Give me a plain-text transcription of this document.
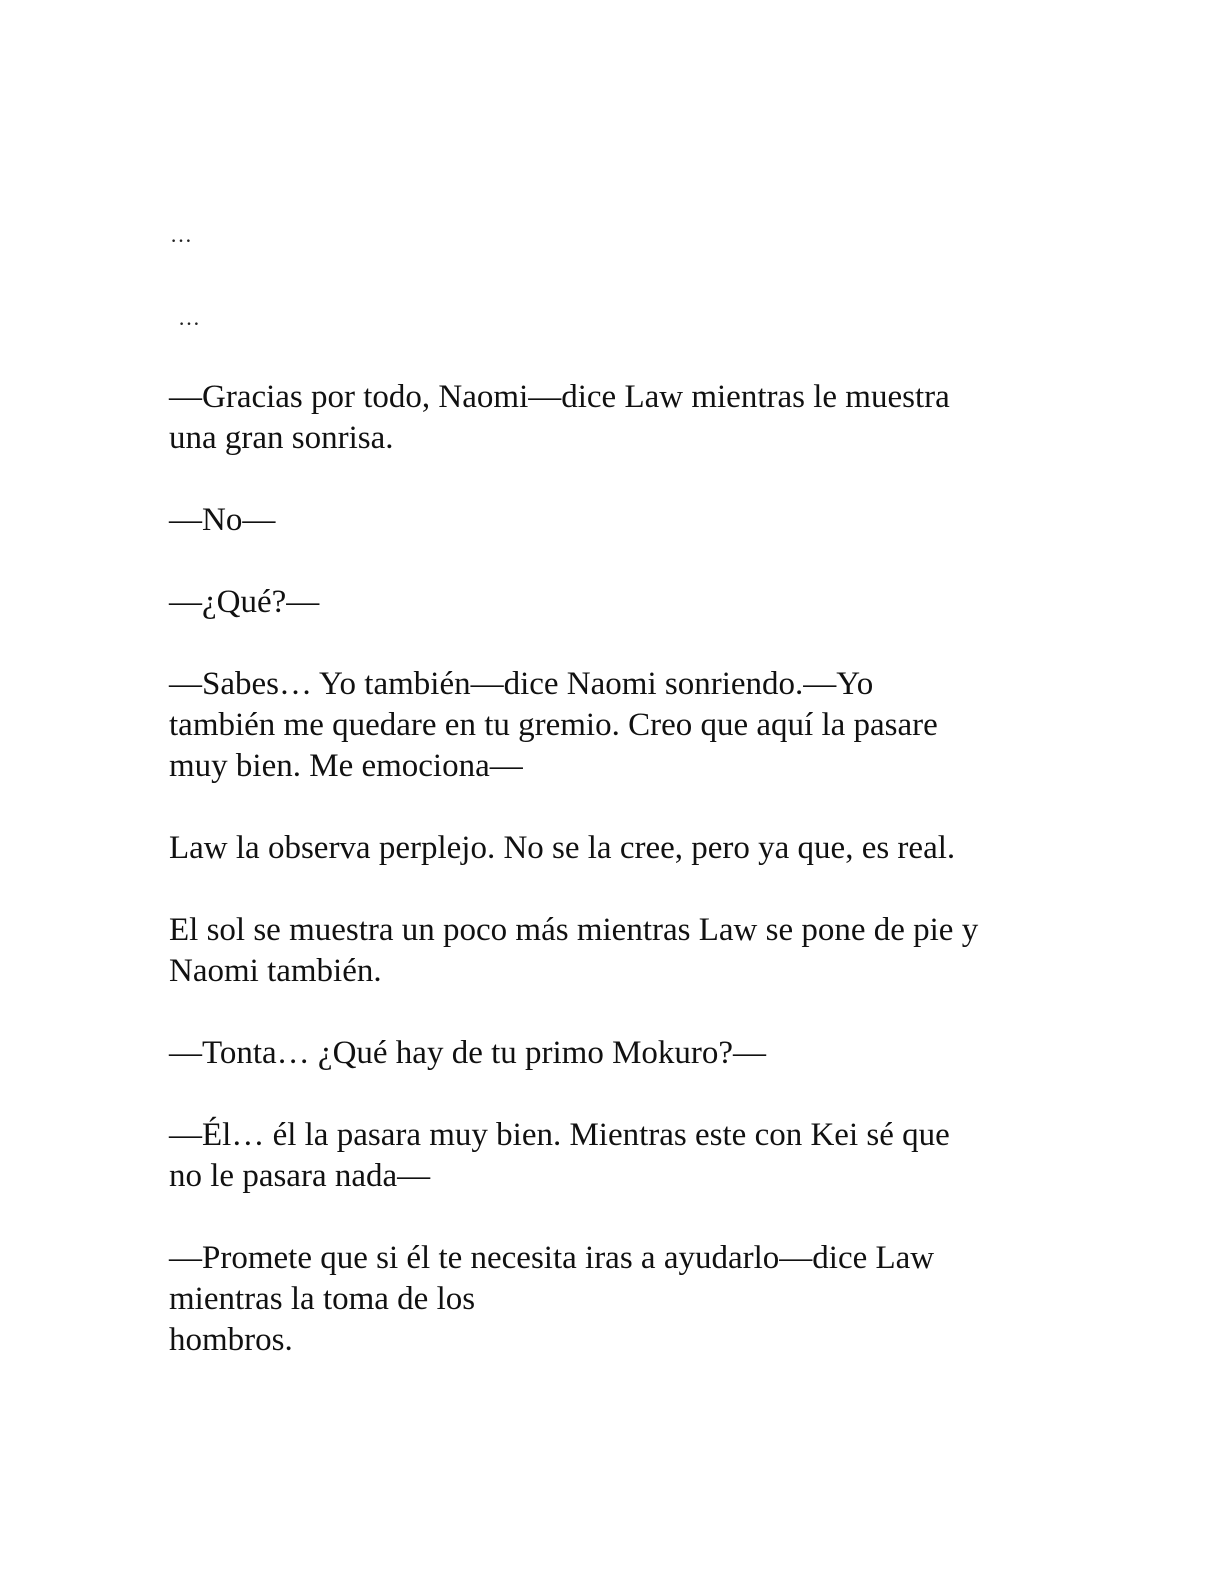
…
…
—Gracias por todo, Naomi—dice Law mientras le muestra
una gran sonrisa.
—No—
—¿Qué?—
—Sabes… Yo también—dice Naomi sonriendo.—Yo
también me quedare en tu gremio. Creo que aquí la pasare
muy bien. Me emociona—
Law la observa perplejo. No se la cree, pero ya que, es real.
El sol se muestra un poco más mientras Law se pone de pie y
Naomi también.
—Tonta… ¿Qué hay de tu primo Mokuro?—
—Él… él la pasara muy bien. Mientras este con Kei sé que
no le pasara nada—
—Promete que si él te necesita iras a ayudarlo—dice Law
mientras la toma de los
hombros.
